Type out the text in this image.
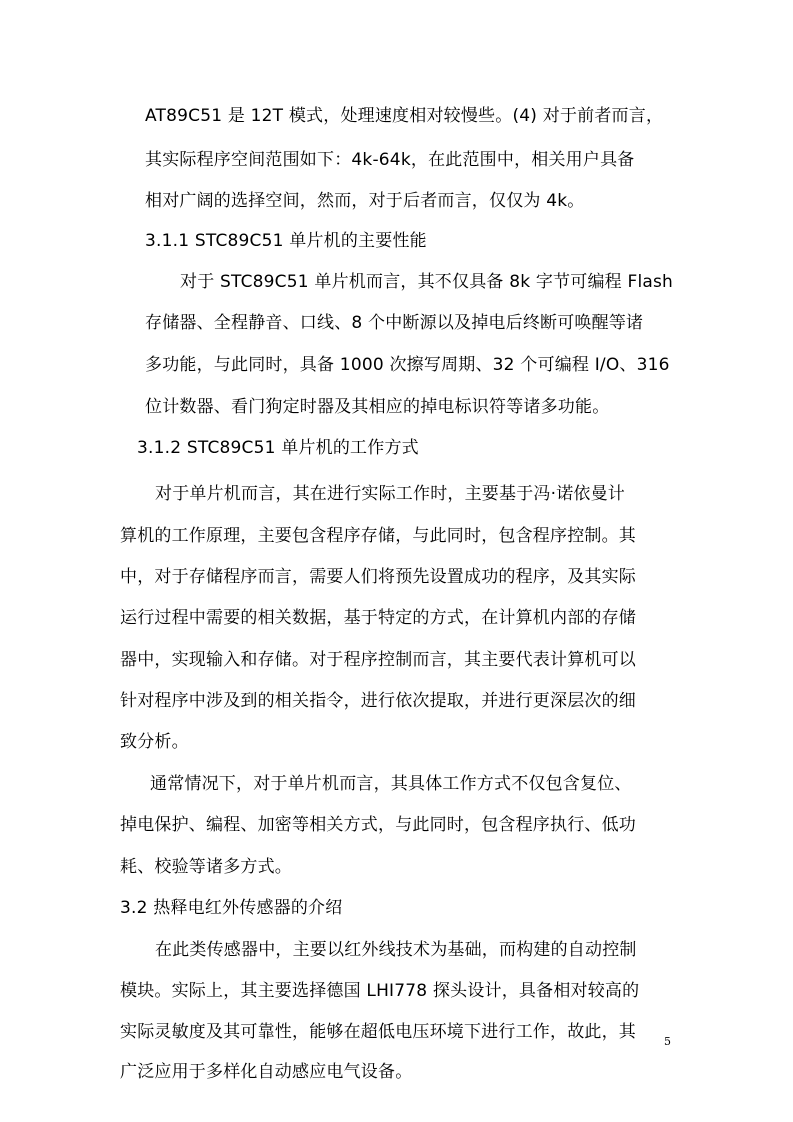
AT89C51 是 12T 模式，处理速度相对较慢些。(4) 对于前者而言，
其实际程序空间范围如下：4k-64k，在此范围中，相关用户具备
相对广阔的选择空间，然而，对于后者而言，仅仅为 4k。
3.1.1 STC89C51 单片机的主要性能
对于 STC89C51 单片机而言，其不仅具备 8k 字节可编程 Flash
存储器、全程静音、口线、8 个中断源以及掉电后终断可唤醒等诸
多功能，与此同时，具备 1000 次擦写周期、32 个可编程 I/O、316
位计数器、看门狗定时器及其相应的掉电标识符等诸多功能。
3.1.2 STC89C51 单片机的工作方式
对于单片机而言，其在进行实际工作时，主要基于冯·诺依曼计
算机的工作原理，主要包含程序存储，与此同时，包含程序控制。其
中，对于存储程序而言，需要人们将预先设置成功的程序，及其实际
运行过程中需要的相关数据，基于特定的方式，在计算机内部的存储
器中，实现输入和存储。对于程序控制而言，其主要代表计算机可以
针对程序中涉及到的相关指令，进行依次提取，并进行更深层次的细
致分析。
通常情况下，对于单片机而言，其具体工作方式不仅包含复位、
掉电保护、编程、加密等相关方式，与此同时，包含程序执行、低功
耗、校验等诸多方式。
3.2 热释电红外传感器的介绍
在此类传感器中，主要以红外线技术为基础，而构建的自动控制
模块。实际上，其主要选择德国 LHI778 探头设计，具备相对较高的
实际灵敏度及其可靠性，能够在超低电压环境下进行工作，故此，其
广泛应用于多样化自动感应电气设备。
5
